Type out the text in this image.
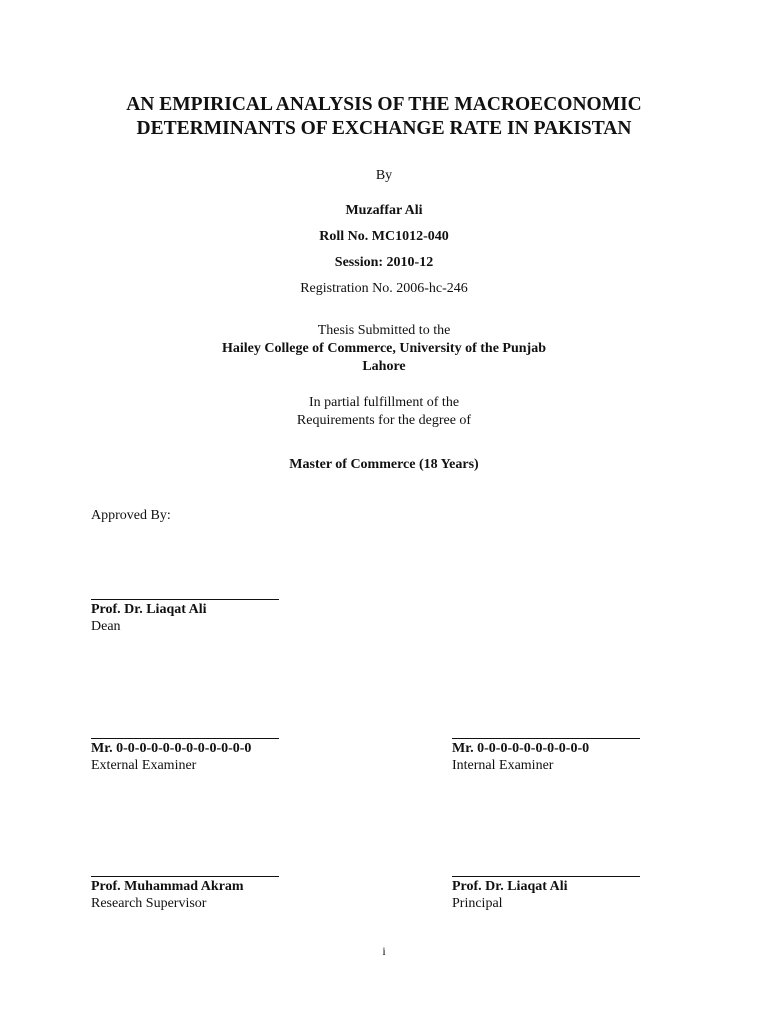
AN EMPIRICAL ANALYSIS OF THE MACROECONOMIC
DETERMINANTS OF EXCHANGE RATE IN PAKISTAN
By
Muzaffar Ali
Roll No. MC1012-040
Session: 2010-12
Registration No. 2006-hc-246
Thesis Submitted to the
Hailey College of Commerce, University of the Punjab
Lahore
In partial fulfillment of the
Requirements for the degree of
Master of Commerce (18 Years)
Approved By:
Prof. Dr. Liaqat Ali
Dean
Mr. 0-0-0-0-0-0-0-0-0-0-0-0
External Examiner
Mr. 0-0-0-0-0-0-0-0-0-0
Internal Examiner
Prof. Muhammad Akram
Research Supervisor
Prof. Dr. Liaqat Ali
Principal
i
